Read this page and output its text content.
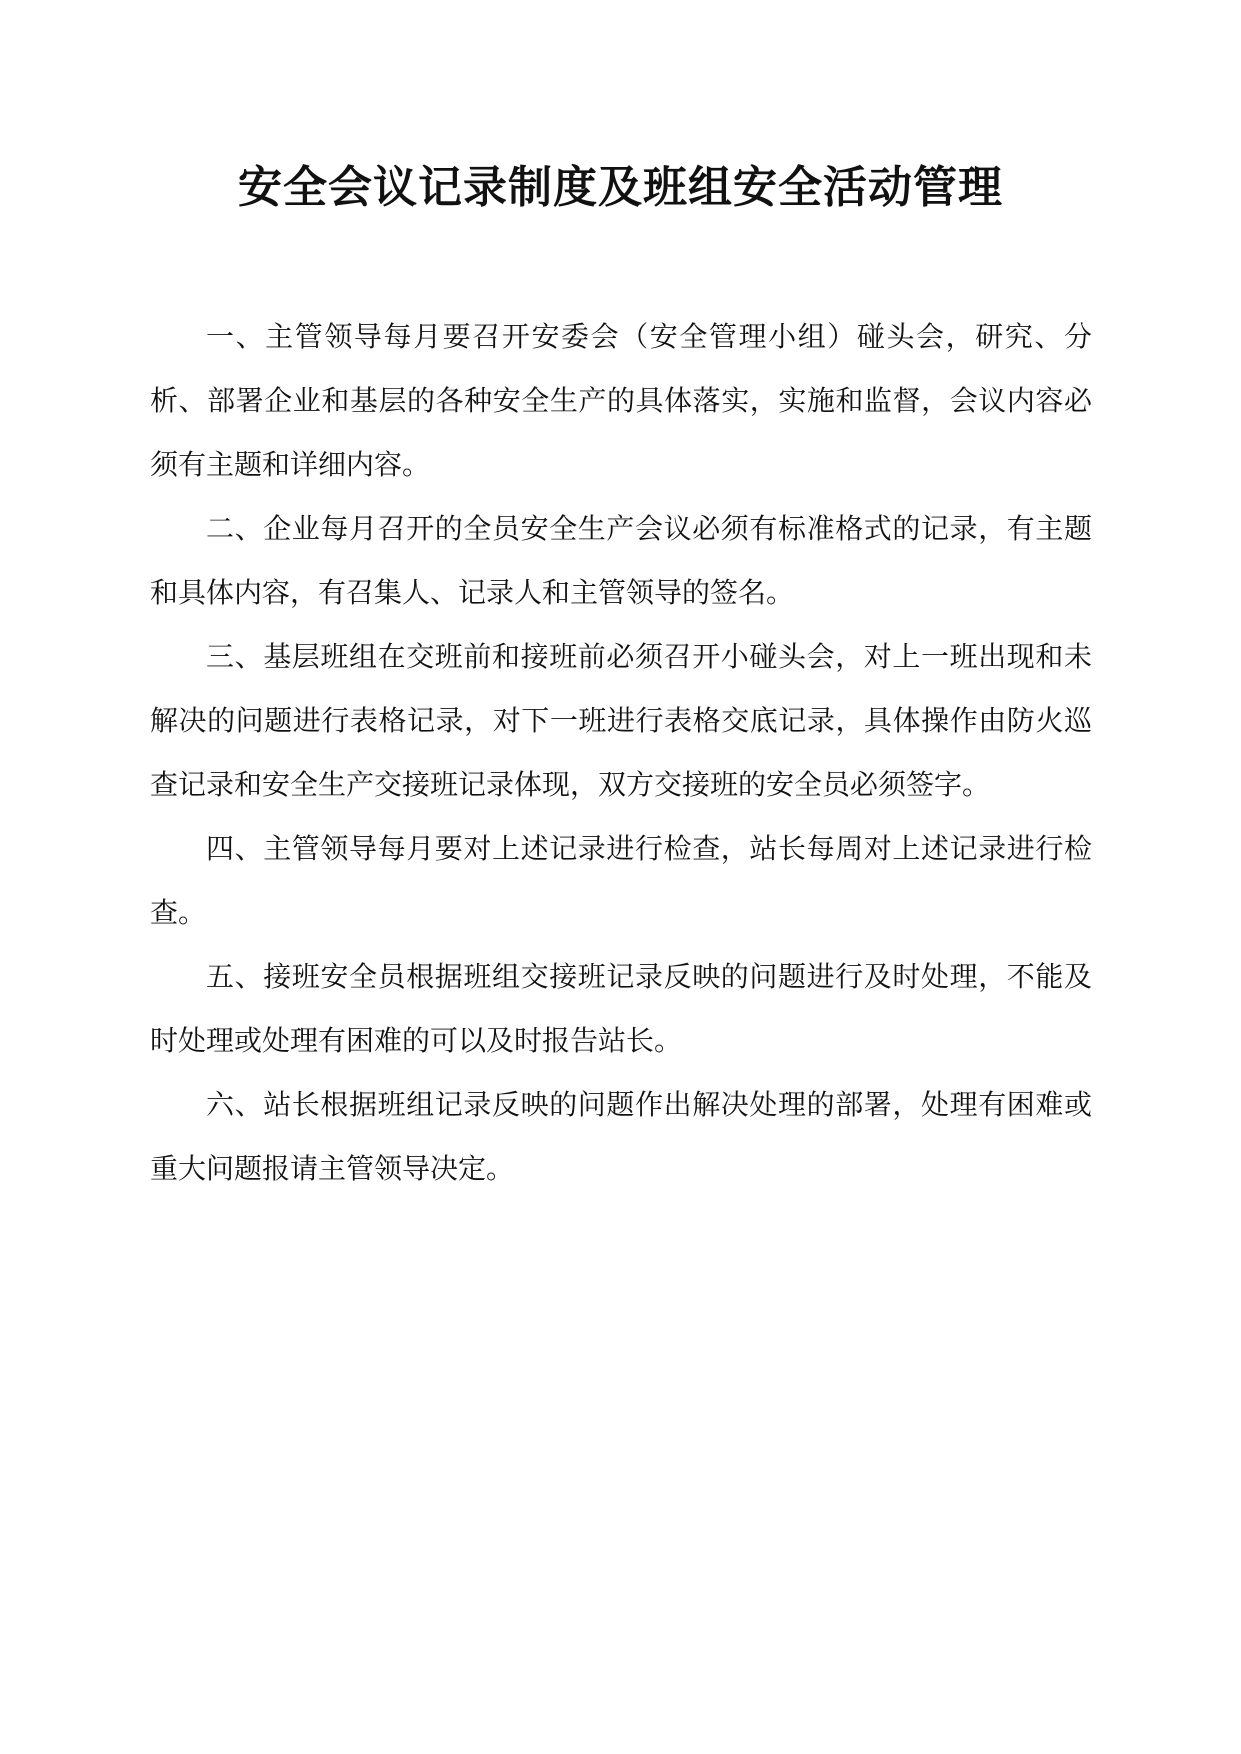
安全会议记录制度及班组安全活动管理

一、主管领导每月要召开安委会（安全管理小组）碰头会，研究、分析、部署企业和基层的各种安全生产的具体落实，实施和监督，会议内容必须有主题和详细内容。

二、企业每月召开的全员安全生产会议必须有标准格式的记录，有主题和具体内容，有召集人、记录人和主管领导的签名。

三、基层班组在交班前和接班前必须召开小碰头会，对上一班出现和未解决的问题进行表格记录，对下一班进行表格交底记录，具体操作由防火巡查记录和安全生产交接班记录体现，双方交接班的安全员必须签字。

四、主管领导每月要对上述记录进行检查，站长每周对上述记录进行检查。

五、接班安全员根据班组交接班记录反映的问题进行及时处理，不能及时处理或处理有困难的可以及时报告站长。

六、站长根据班组记录反映的问题作出解决处理的部署，处理有困难或重大问题报请主管领导决定。
